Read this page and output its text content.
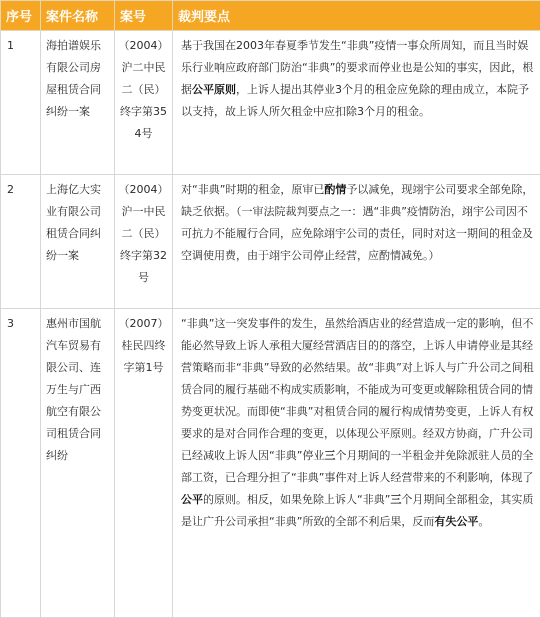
序号	案件名称	案号	裁判要点
1	海拍谱娱乐有限公司房屋租赁合同纠纷一案	（2004）沪二中民二（民）终字第354号	基于我国在2003年春夏季节发生“非典”疫情一事众所周知，而且当时娱乐行业响应政府部门防治“非典”的要求而停业也是公知的事实，因此，根据公平原则，上诉人提出其停业3个月的租金应免除的理由成立，本院予以支持，故上诉人所欠租金中应扣除3个月的租金。
2	上海亿大实业有限公司租赁合同纠纷一案	（2004）沪一中民二（民）终字第32号	对“非典”时期的租金，原审已酌情予以减免，现翊宇公司要求全部免除，缺乏依据。（一审法院裁判要点之一：遇“非典”疫情防治，翊宇公司因不可抗力不能履行合同，应免除翊宇公司的责任，同时对这一期间的租金及空调使用费，由于翊宇公司停止经营，应酌情减免。）
3	惠州市国航汽车贸易有限公司、连万生与广西航空有限公司租赁合同纠纷	（2007）桂民四终字第1号	“非典”这一突发事件的发生，虽然给酒店业的经营造成一定的影响，但不能必然导致上诉人承租大厦经营酒店目的的落空，上诉人申请停业是其经营策略而非“非典”导致的必然结果。故“非典”对上诉人与广升公司之间租赁合同的履行基础不构成实质影响，不能成为可变更或解除租赁合同的情势变更状况。而即使“非典”对租赁合同的履行构成情势变更，上诉人有权要求的是对合同作合理的变更，以体现公平原则。经双方协商，广升公司已经减收上诉人因“非典”停业三个月期间的一半租金并免除派驻人员的全部工资，已合理分担了“非典”事件对上诉人经营带来的不利影响，体现了公平的原则。相反，如果免除上诉人“非典”三个月期间全部租金，其实质是让广升公司承担“非典”所致的全部不利后果，反而有失公平。
